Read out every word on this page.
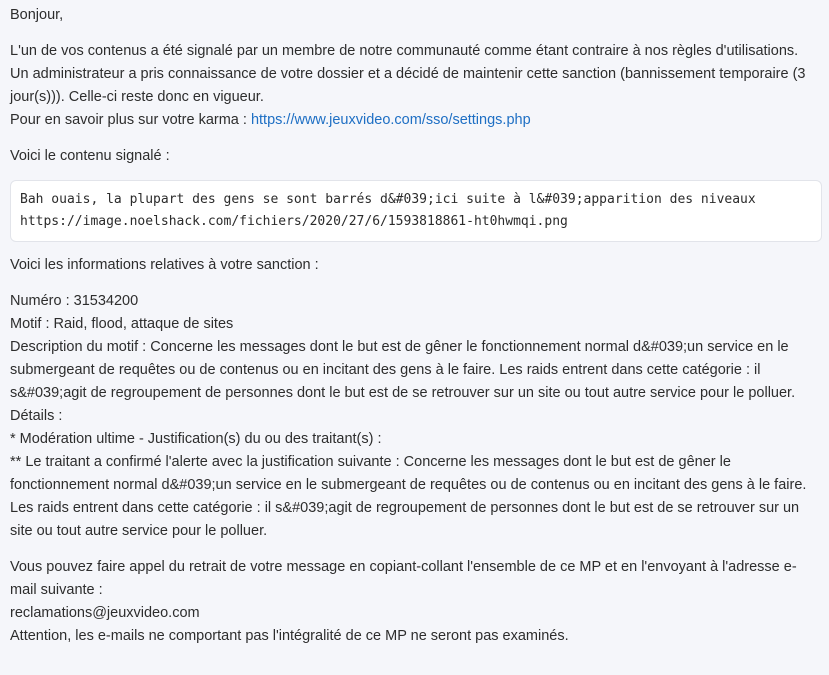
Bonjour,

L'un de vos contenus a été signalé par un membre de notre communauté comme étant contraire à nos règles d'utilisations.

Un administrateur a pris connaissance de votre dossier et a décidé de maintenir cette sanction (bannissement temporaire (3 jour(s))). Celle-ci reste donc en vigueur.

Pour en savoir plus sur votre karma : https://www.jeuxvideo.com/sso/settings.php

Voici le contenu signalé :

Bah ouais, la plupart des gens se sont barrés d&#039;ici suite à l&#039;apparition des niveaux
https://image.noelshack.com/fichiers/2020/27/6/1593818861-ht0hwmqi.png

Voici les informations relatives à votre sanction :

Numéro : 31534200

Motif : Raid, flood, attaque de sites

Description du motif : Concerne les messages dont le but est de gêner le fonctionnement normal d&#039;un service en le submergeant de requêtes ou de contenus ou en incitant des gens à le faire. Les raids entrent dans cette catégorie : il s&#039;agit de regroupement de personnes dont le but est de se retrouver sur un site ou tout autre service pour le polluer.

Détails :

* Modération ultime - Justification(s) du ou des traitant(s) :

** Le traitant a confirmé l'alerte avec la justification suivante : Concerne les messages dont le but est de gêner le fonctionnement normal d&#039;un service en le submergeant de requêtes ou de contenus ou en incitant des gens à le faire. Les raids entrent dans cette catégorie : il s&#039;agit de regroupement de personnes dont le but est de se retrouver sur un site ou tout autre service pour le polluer.

Vous pouvez faire appel du retrait de votre message en copiant-collant l'ensemble de ce MP et en l'envoyant à l'adresse e-mail suivante :

reclamations@jeuxvideo.com

Attention, les e-mails ne comportant pas l'intégralité de ce MP ne seront pas examinés.
